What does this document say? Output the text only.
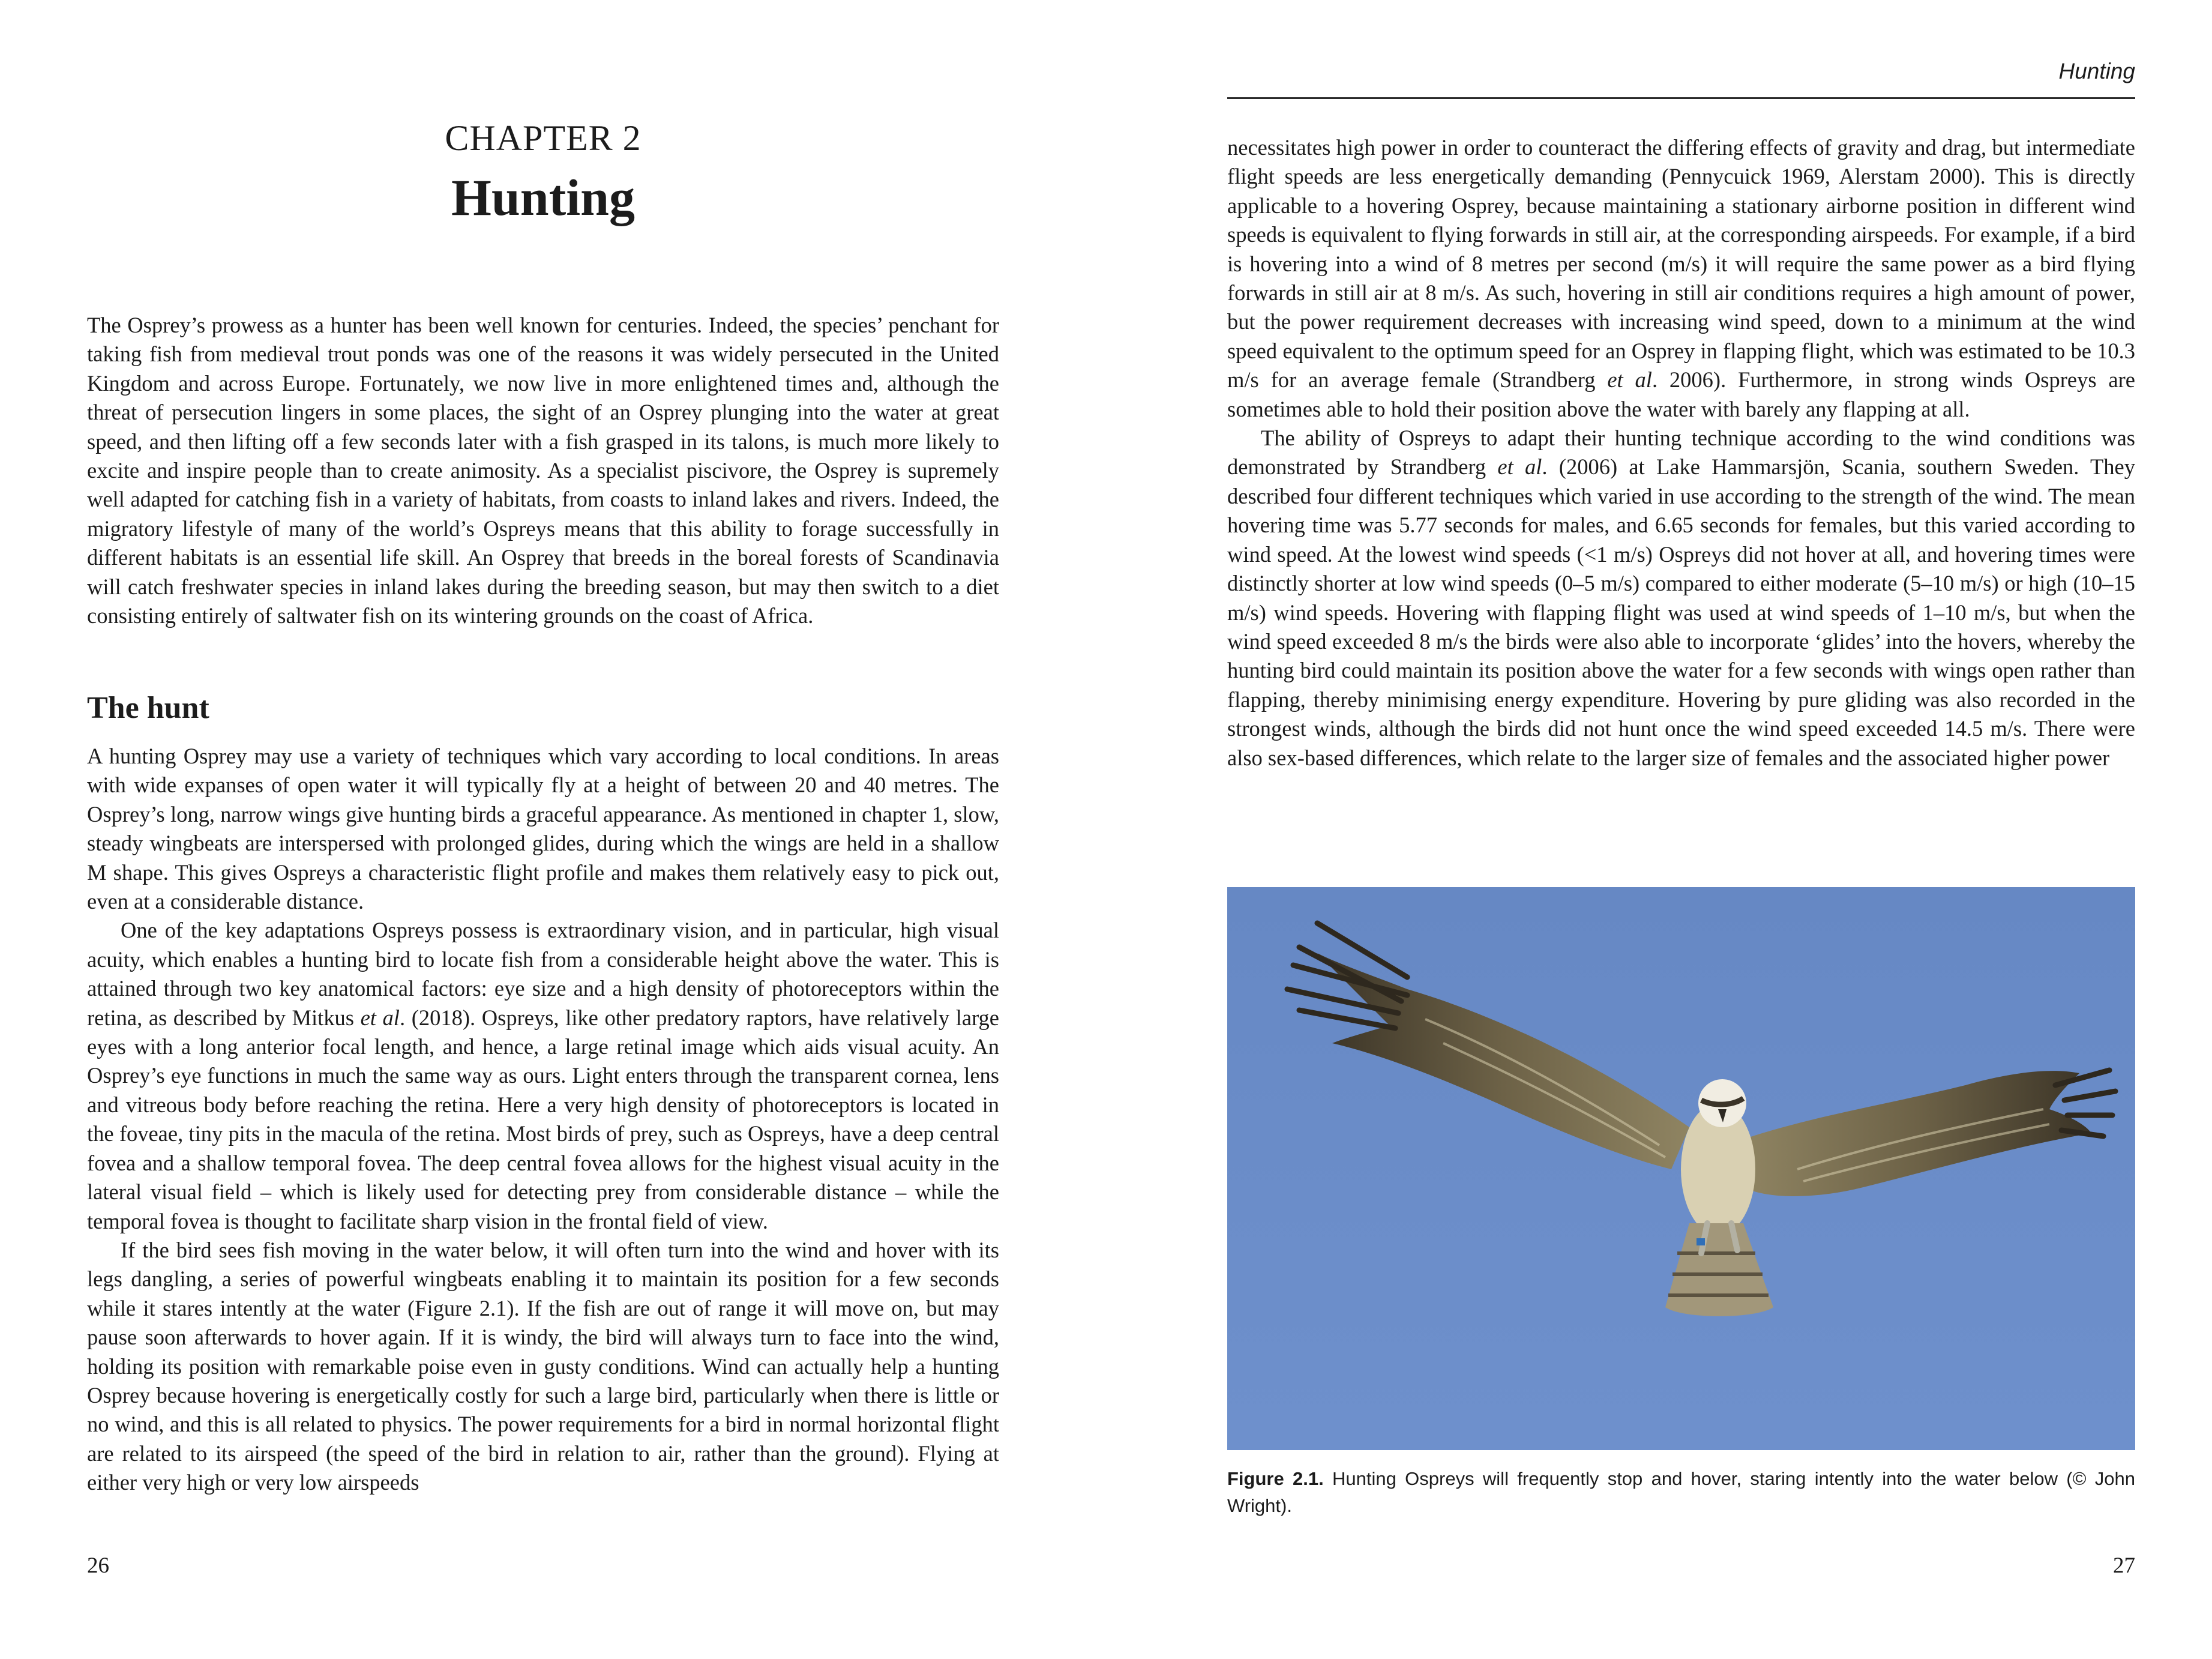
CHAPTER 2
Hunting

The Osprey’s prowess as a hunter has been well known for centuries. Indeed, the species’ penchant for taking fish from medieval trout ponds was one of the reasons it was widely persecuted in the United Kingdom and across Europe. Fortunately, we now live in more enlightened times and, although the threat of persecution lingers in some places, the sight of an Osprey plunging into the water at great speed, and then lifting off a few seconds later with a fish grasped in its talons, is much more likely to excite and inspire people than to create animosity. As a specialist piscivore, the Osprey is supremely well adapted for catching fish in a variety of habitats, from coasts to inland lakes and rivers. Indeed, the migratory lifestyle of many of the world’s Ospreys means that this ability to forage successfully in different habitats is an essential life skill. An Osprey that breeds in the boreal forests of Scandinavia will catch freshwater species in inland lakes during the breeding season, but may then switch to a diet consisting entirely of saltwater fish on its wintering grounds on the coast of Africa.

The hunt

A hunting Osprey may use a variety of techniques which vary according to local conditions. In areas with wide expanses of open water it will typically fly at a height of between 20 and 40 metres. The Osprey’s long, narrow wings give hunting birds a graceful appearance. As mentioned in chapter 1, slow, steady wingbeats are interspersed with prolonged glides, during which the wings are held in a shallow M shape. This gives Ospreys a characteristic flight profile and makes them relatively easy to pick out, even at a considerable distance.

One of the key adaptations Ospreys possess is extraordinary vision, and in particular, high visual acuity, which enables a hunting bird to locate fish from a considerable height above the water. This is attained through two key anatomical factors: eye size and a high density of photoreceptors within the retina, as described by Mitkus et al. (2018). Ospreys, like other predatory raptors, have relatively large eyes with a long anterior focal length, and hence, a large retinal image which aids visual acuity. An Osprey’s eye functions in much the same way as ours. Light enters through the transparent cornea, lens and vitreous body before reaching the retina. Here a very high density of photoreceptors is located in the foveae, tiny pits in the macula of the retina. Most birds of prey, such as Ospreys, have a deep central fovea and a shallow temporal fovea. The deep central fovea allows for the highest visual acuity in the lateral visual field – which is likely used for detecting prey from considerable distance – while the temporal fovea is thought to facilitate sharp vision in the frontal field of view.

If the bird sees fish moving in the water below, it will often turn into the wind and hover with its legs dangling, a series of powerful wingbeats enabling it to maintain its position for a few seconds while it stares intently at the water (Figure 2.1). If the fish are out of range it will move on, but may pause soon afterwards to hover again. If it is windy, the bird will always turn to face into the wind, holding its position with remarkable poise even in gusty conditions. Wind can actually help a hunting Osprey because hovering is energetically costly for such a large bird, particularly when there is little or no wind, and this is all related to physics. The power requirements for a bird in normal horizontal flight are related to its airspeed (the speed of the bird in relation to air, rather than the ground). Flying at either very high or very low airspeeds

26
Hunting

necessitates high power in order to counteract the differing effects of gravity and drag, but intermediate flight speeds are less energetically demanding (Pennycuick 1969, Alerstam 2000). This is directly applicable to a hovering Osprey, because maintaining a stationary airborne position in different wind speeds is equivalent to flying forwards in still air, at the corresponding airspeeds. For example, if a bird is hovering into a wind of 8 metres per second (m/s) it will require the same power as a bird flying forwards in still air at 8 m/s. As such, hovering in still air conditions requires a high amount of power, but the power requirement decreases with increasing wind speed, down to a minimum at the wind speed equivalent to the optimum speed for an Osprey in flapping flight, which was estimated to be 10.3 m/s for an average female (Strandberg et al. 2006). Furthermore, in strong winds Ospreys are sometimes able to hold their position above the water with barely any flapping at all.

The ability of Ospreys to adapt their hunting technique according to the wind conditions was demonstrated by Strandberg et al. (2006) at Lake Hammarsjön, Scania, southern Sweden. They described four different techniques which varied in use according to the strength of the wind. The mean hovering time was 5.77 seconds for males, and 6.65 seconds for females, but this varied according to wind speed. At the lowest wind speeds (<1 m/s) Ospreys did not hover at all, and hovering times were distinctly shorter at low wind speeds (0–5 m/s) compared to either moderate (5–10 m/s) or high (10–15 m/s) wind speeds. Hovering with flapping flight was used at wind speeds of 1–10 m/s, but when the wind speed exceeded 8 m/s the birds were also able to incorporate ‘glides’ into the hovers, whereby the hunting bird could maintain its position above the water for a few seconds with wings open rather than flapping, thereby minimising energy expenditure. Hovering by pure gliding was also recorded in the strongest winds, although the birds did not hunt once the wind speed exceeded 14.5 m/s. There were also sex-based differences, which relate to the larger size of females and the associated higher power

Figure 2.1. Hunting Ospreys will frequently stop and hover, staring intently into the water below (© John Wright).
27
